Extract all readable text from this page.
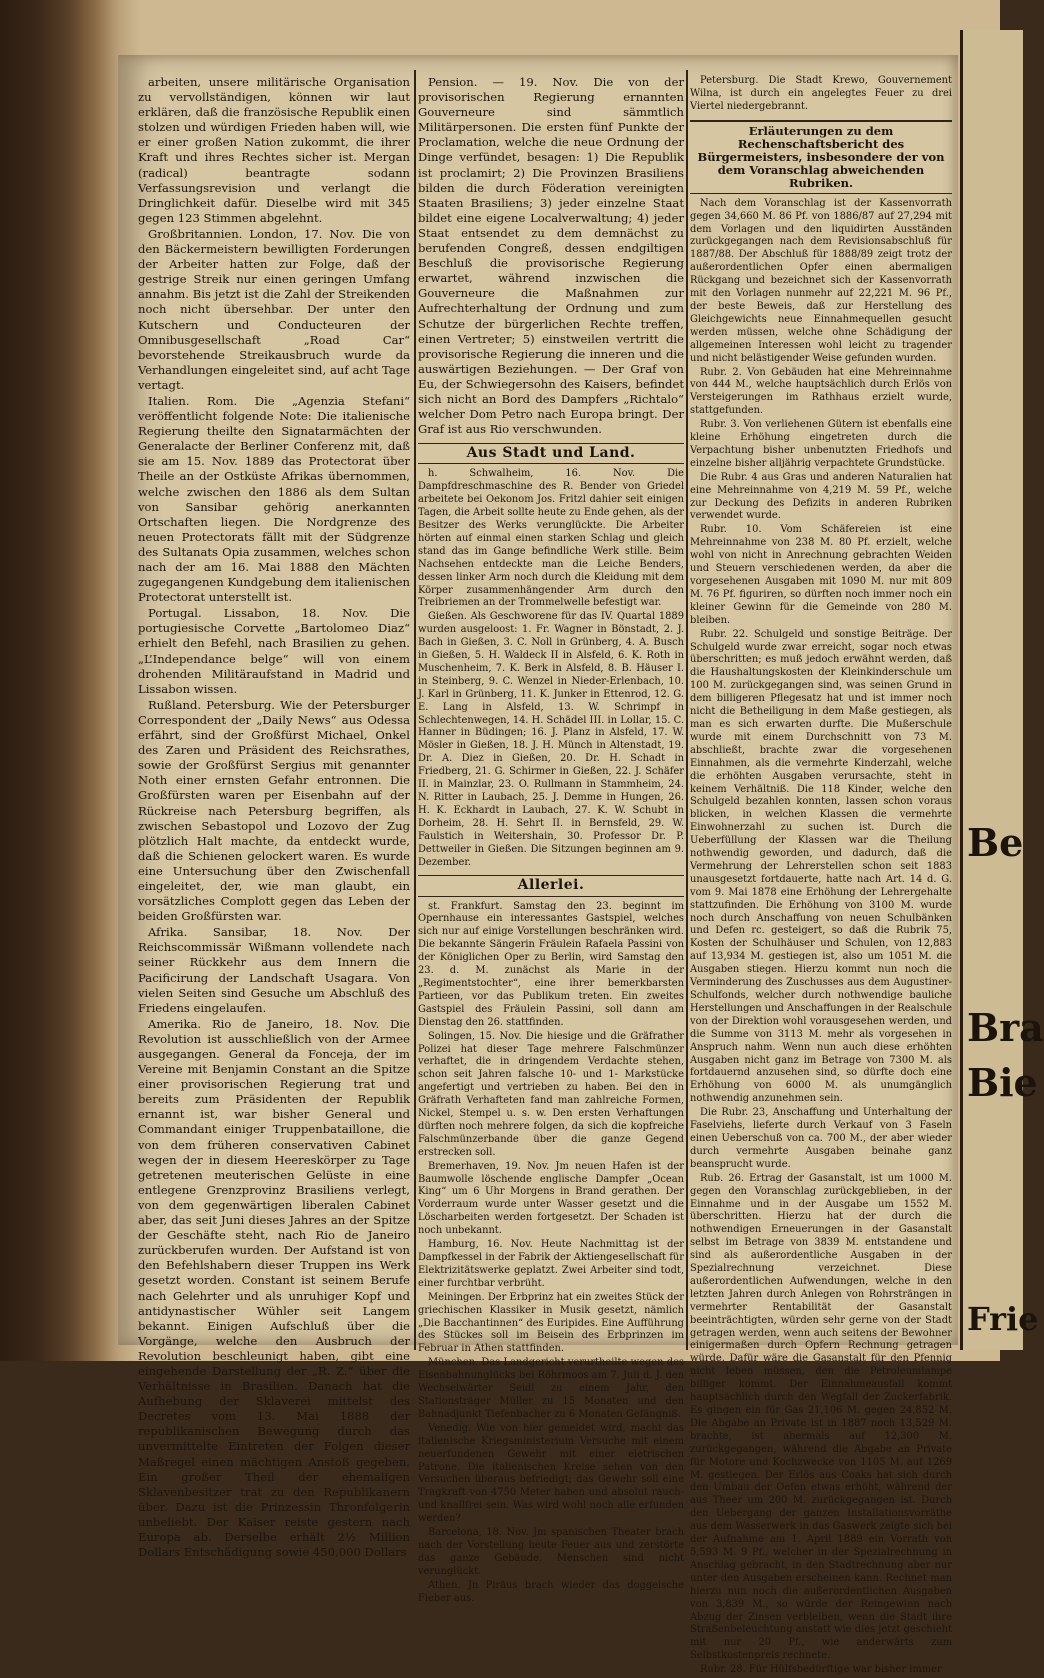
Be
Bra
Bie
Frie

arbeiten, unsere militärische Organisation zu vervollständigen, können wir laut erklären, daß die französische Republik einen stolzen und würdigen Frieden haben will, wie er einer großen Nation zukommt, die ihrer Kraft und ihres Rechtes sicher ist. Mergan (radical) beantragte sodann Verfassungsrevision und verlangt die Dringlichkeit dafür. Dieselbe wird mit 345 gegen 123 Stimmen abgelehnt.

Großbritannien. London, 17. Nov. Die von den Bäckermeistern bewilligten Forderungen der Arbeiter hatten zur Folge, daß der gestrige Streik nur einen geringen Umfang annahm. Bis jetzt ist die Zahl der Streikenden noch nicht übersehbar. Der unter den Kutschern und Conducteuren der Omnibusgesellschaft „Road Car“ bevorstehende Streikausbruch wurde da Verhandlungen eingeleitet sind, auf acht Tage vertagt.

Italien. Rom. Die „Agenzia Stefani“ veröffentlicht folgende Note: Die italienische Regierung theilte den Signatarmächten der Generalacte der Berliner Conferenz mit, daß sie am 15. Nov. 1889 das Protectorat über Theile an der Ostküste Afrikas übernommen, welche zwischen den 1886 als dem Sultan von Sansibar gehörig anerkannten Ortschaften liegen. Die Nordgrenze des neuen Protectorats fällt mit der Südgrenze des Sultanats Opia zusammen, welches schon nach der am 16. Mai 1888 den Mächten zugegangenen Kundgebung dem italienischen Protectorat unterstellt ist.

Portugal. Lissabon, 18. Nov. Die portugiesische Corvette „Bartolomeo Diaz“ erhielt den Befehl, nach Brasilien zu gehen. „L’Independance belge“ will von einem drohenden Militäraufstand in Madrid und Lissabon wissen.

Rußland. Petersburg. Wie der Petersburger Correspondent der „Daily News“ aus Odessa erfährt, sind der Großfürst Michael, Onkel des Zaren und Präsident des Reichsrathes, sowie der Großfürst Sergius mit genannter Noth einer ernsten Gefahr entronnen. Die Großfürsten waren per Eisenbahn auf der Rückreise nach Petersburg begriffen, als zwischen Sebastopol und Lozovo der Zug plötzlich Halt machte, da entdeckt wurde, daß die Schienen gelockert waren. Es wurde eine Untersuchung über den Zwischenfall eingeleitet, der, wie man glaubt, ein vorsätzliches Complott gegen das Leben der beiden Großfürsten war.

Afrika. Sansibar, 18. Nov. Der Reichscommissär Wißmann vollendete nach seiner Rückkehr aus dem Innern die Pacificirung der Landschaft Usagara. Von vielen Seiten sind Gesuche um Abschluß des Friedens eingelaufen.

Amerika. Rio de Janeiro, 18. Nov. Die Revolution ist ausschließlich von der Armee ausgegangen. General da Fonceja, der im Vereine mit Benjamin Constant an die Spitze einer provisorischen Regierung trat und bereits zum Präsidenten der Republik ernannt ist, war bisher General und Commandant einiger Truppenbataillone, die von dem früheren conservativen Cabinet wegen der in diesem Heereskörper zu Tage getretenen meuterischen Gelüste in eine entlegene Grenzprovinz Brasiliens verlegt, von dem gegenwärtigen liberalen Cabinet aber, das seit Juni dieses Jahres an der Spitze der Geschäfte steht, nach Rio de Janeiro zurückberufen wurden. Der Aufstand ist von den Befehlshabern dieser Truppen ins Werk gesetzt worden. Constant ist seinem Berufe nach Gelehrter und als unruhiger Kopf und antidynastischer Wühler seit Langem bekannt. Einigen Aufschluß über die Vorgänge, welche den Ausbruch der Revolution beschleunigt haben, gibt eine eingehende Darstellung der „R. Z.“ über die Verhältnisse in Brasilien. Danach hat die Aufhebung der Sklaverei mittelst des Decretes vom 13. Mai 1888 der republikanischen Bewegung durch das unvermittelte Eintreten der Folgen dieser Maßregel einen mächtigen Anstoß gegeben. Ein großer Theil der ehemaligen Sklavenbesitzer trat zu den Republikanern über. Dazu ist die Prinzessin Thronfolgerin unbeliebt. Der Kaiser reiste gestern nach Europa ab. Derselbe erhält 2½ Million Dollars Entschädigung sowie 450,000 Dollars

Pension. — 19. Nov. Die von der provisorischen Regierung ernannten Gouverneure sind sämmtlich Militärpersonen. Die ersten fünf Punkte der Proclamation, welche die neue Ordnung der Dinge verfündet, besagen: 1) Die Republik ist proclamirt; 2) Die Provinzen Brasiliens bilden die durch Föderation vereinigten Staaten Brasiliens; 3) jeder einzelne Staat bildet eine eigene Localverwaltung; 4) jeder Staat entsendet zu dem demnächst zu berufenden Congreß, dessen endgiltigen Beschluß die provisorische Regierung erwartet, während inzwischen die Gouverneure die Maßnahmen zur Aufrechterhaltung der Ordnung und zum Schutze der bürgerlichen Rechte treffen, einen Vertreter; 5) einstweilen vertritt die provisorische Regierung die inneren und die auswärtigen Beziehungen. — Der Graf von Eu, der Schwiegersohn des Kaisers, befindet sich nicht an Bord des Dampfers „Richtalo“ welcher Dom Petro nach Europa bringt. Der Graf ist aus Rio verschwunden.

Aus Stadt und Land.

h. Schwalheim, 16. Nov. Die Dampfdreschmaschine des R. Bender von Griedel arbeitete bei Oekonom Jos. Fritzl dahier seit einigen Tagen, die Arbeit sollte heute zu Ende gehen, als der Besitzer des Werks verunglückte. Die Arbeiter hörten auf einmal einen starken Schlag und gleich stand das im Gange befindliche Werk stille. Beim Nachsehen entdeckte man die Leiche Benders, dessen linker Arm noch durch die Kleidung mit dem Körper zusammenhängender Arm durch den Treibriemen an der Trommelwelle befestigt war.

Gießen. Als Geschworene für das IV. Quartal 1889 wurden ausgeloost: 1. Fr. Wagner in Bönstadt, 2. J. Bach in Gießen, 3. C. Noll in Grünberg, 4. A. Busch in Gießen, 5. H. Waldeck II in Alsfeld, 6. K. Roth in Muschenheim, 7. K. Berk in Alsfeld, 8. B. Häuser I. in Steinberg, 9. C. Wenzel in Nieder-Erlenbach, 10. J. Karl in Grünberg, 11. K. Junker in Ettenrod, 12. G. E. Lang in Alsfeld, 13. W. Schrimpf in Schlechtenwegen, 14. H. Schädel III. in Lollar, 15. C. Hanner in Büdingen; 16. J. Planz in Alsfeld, 17. W. Mösler in Gießen, 18. J. H. Münch in Altenstadt, 19. Dr. A. Diez in Gießen, 20. Dr. H. Schadt in Friedberg, 21. G. Schirmer in Gießen, 22. J. Schäfer II. in Mainzlar, 23. O. Rullmann in Stammheim, 24. N. Ritter in Laubach, 25. J. Demme in Hungen, 26. H. K. Eckhardt in Laubach, 27. K. W. Schubt in Dorheim, 28. H. Sehrt II. in Bernsfeld, 29. W. Faulstich in Weitershain, 30. Professor Dr. P. Dettweiler in Gießen. Die Sitzungen beginnen am 9. Dezember.

Allerlei.

st. Frankfurt. Samstag den 23. beginnt im Opernhause ein interessantes Gastspiel, welches sich nur auf einige Vorstellungen beschränken wird. Die bekannte Sängerin Fräulein Rafaela Passini von der Königlichen Oper zu Berlin, wird Samstag den 23. d. M. zunächst als Marie in der „Regimentstochter“, eine ihrer bemerkbarsten Partieen, vor das Publikum treten. Ein zweites Gastspiel des Fräulein Passini, soll dann am Dienstag den 26. stattfinden.

Solingen, 15. Nov. Die hiesige und die Gräfrather Polizei hat dieser Tage mehrere Falschmünzer verhaftet, die in dringendem Verdachte stehen, schon seit Jahren falsche 10- und 1- Markstücke angefertigt und vertrieben zu haben. Bei den in Gräfrath Verhafteten fand man zahlreiche Formen, Nickel, Stempel u. s. w. Den ersten Verhaftungen dürften noch mehrere folgen, da sich die kopfreiche Falschmünzerbande über die ganze Gegend erstrecken soll.

Bremerhaven, 19. Nov. Jm neuen Hafen ist der Baumwolle löschende englische Dampfer „Ocean King“ um 6 Uhr Morgens in Brand gerathen. Der Vorderraum wurde unter Wasser gesetzt und die Löscharbeiten werden fortgesetzt. Der Schaden ist noch unbekannt.

Hamburg, 16. Nov. Heute Nachmittag ist der Dampfkessel in der Fabrik der Aktiengesellschaft für Elektrizitätswerke geplatzt. Zwei Arbeiter sind todt, einer furchtbar verbrüht.

Meiningen. Der Erbprinz hat ein zweites Stück der griechischen Klassiker in Musik gesetzt, nämlich „Die Bacchantinnen“ des Euripides. Eine Aufführung des Stückes soll im Beisein des Erbprinzen im Februar in Athen stattfinden.

München. Das Landgericht verurtheilte wegen des Eisenbahnunglücks bei Röhrmoos am 7. Juli d. J. den Wechselwärter Seidl zu einem Jahr, den Stationsträger Müller zu 15 Monaten und den Bahnadjunkt Tiefenbacher zu 6 Monaten Gefängniß.

Venedig. Wie von hier gemeldet wird, macht das italienische Kriegsministerium Versuche mit einem neuerfundenen Gewehr mit einer eletrischen Patrone. Die italienischen Kreise sehen von den Versuchen überaus befriedigt; das Gewehr soll eine Tragkraft von 4750 Meter haben und absolut rauch- und knallfrei sein. Was wird wohl noch alle erfunden werden?

Barcelona, 18. Nov. Jm spanischen Theater brach nach der Vorstellung heute Feuer aus und zerstörte das ganze Gebäude. Menschen sind nicht verunglückt.

Athen. Jn Piräus brach wieder das doggeische Fieber aus.

Petersburg. Die Stadt Krewo, Gouvernement Wilna, ist durch ein angelegtes Feuer zu drei Viertel niedergebrannt.

Erläuterungen zu dem Rechenschaftsbericht des Bürgermeisters, insbesondere der von dem Voranschlag abweichenden Rubriken.

Nach dem Voranschlag ist der Kassenvorrath gegen 34,660 M. 86 Pf. von 1886/87 auf 27,294 mit dem Vorlagen und den liquidirten Ausständen zurückgegangen nach dem Revisionsabschluß für 1887/88. Der Abschluß für 1888/89 zeigt trotz der außerordentlichen Opfer einen abermaligen Rückgang und bezeichnet sich der Kassenvorrath mit den Vorlagen nunmehr auf 22,221 M. 96 Pf., der beste Beweis, daß zur Herstellung des Gleichgewichts neue Einnahmequellen gesucht werden müssen, welche ohne Schädigung der allgemeinen Interessen wohl leicht zu tragender und nicht belästigender Weise gefunden wurden.

Rubr. 2. Von Gebäuden hat eine Mehreinnahme von 444 M., welche hauptsächlich durch Erlös von Versteigerungen im Rathhaus erzielt wurde, stattgefunden.

Rubr. 3. Von verliehenen Gütern ist ebenfalls eine kleine Erhöhung eingetreten durch die Verpachtung bisher unbenutzten Friedhofs und einzelne bisher alljährig verpachtete Grundstücke.

Die Rubr. 4 aus Gras und anderen Naturalien hat eine Mehreinnahme von 4,219 M. 59 Pf., welche zur Deckung des Defizits in anderen Rubriken verwendet wurde.

Rubr. 10. Vom Schäfereien ist eine Mehreinnahme von 238 M. 80 Pf. erzielt, welche wohl von nicht in Anrechnung gebrachten Weiden und Steuern verschiedenen werden, da aber die vorgesehenen Ausgaben mit 1090 M. nur mit 809 M. 76 Pf. figuriren, so dürften noch immer noch ein kleiner Gewinn für die Gemeinde von 280 M. bleiben.

Rubr. 22. Schulgeld und sonstige Beiträge. Der Schulgeld wurde zwar erreicht, sogar noch etwas überschritten; es muß jedoch erwähnt werden, daß die Haushaltungskosten der Kleinkinderschule um 100 M. zurückgegangen sind, was seinen Grund in dem billigeren Pflegesatz hat und ist immer noch nicht die Betheiligung in dem Maße gestiegen, als man es sich erwarten durfte. Die Mußerschule wurde mit einem Durchschnitt von 73 M. abschließt, brachte zwar die vorgesehenen Einnahmen, als die vermehrte Kinderzahl, welche die erhöhten Ausgaben verursachte, steht in keinem Verhältniß. Die 118 Kinder, welche den Schulgeld bezahlen konnten, lassen schon voraus blicken, in welchen Klassen die vermehrte Einwohnerzahl zu suchen ist. Durch die Ueberfüllung der Klassen war die Theilung nothwendig geworden, und dadurch, daß die Vermehrung der Lehrerstellen schon seit 1883 unausgesetzt fortdauerte, hatte nach Art. 14 d. G. vom 9. Mai 1878 eine Erhöhung der Lehrergehalte stattzufinden. Die Erhöhung von 3100 M. wurde noch durch Anschaffung von neuen Schulbänken und Defen rc. gesteigert, so daß die Rubrik 75, Kosten der Schulhäuser und Schulen, von 12,883 auf 13,934 M. gestiegen ist, also um 1051 M. die Ausgaben stiegen. Hierzu kommt nun noch die Verminderung des Zuschusses aus dem Augustiner-Schulfonds, welcher durch nothwendige bauliche Herstellungen und Anschaffungen in der Realschule von der Direktion wohl vorausgesehen werden, und die Summe von 3113 M. mehr als vorgesehen in Anspruch nahm. Wenn nun auch diese erhöhten Ausgaben nicht ganz im Betrage von 7300 M. als fortdauernd anzusehen sind, so dürfte doch eine Erhöhung von 6000 M. als unumgänglich nothwendig anzunehmen sein.

Die Rubr. 23, Anschaffung und Unterhaltung der Faselviehs, lieferte durch Verkauf von 3 Faseln einen Ueberschuß von ca. 700 M., der aber wieder durch vermehrte Ausgaben beinahe ganz beansprucht wurde.

Rub. 26. Ertrag der Gasanstalt, ist um 1000 M. gegen den Voranschlag zurückgeblieben, in der Einnahme und in der Ausgabe um 1552 M. überschritten. Hierzu hat der durch die nothwendigen Erneuerungen in der Gasanstalt selbst im Betrage von 3839 M. entstandene und sind als außerordentliche Ausgaben in der Spezialrechnung verzeichnet. Diese außerordentlichen Aufwendungen, welche in den letzten Jahren durch Anlegen von Rohrsträngen in vermehrter Rentabilität der Gasanstalt beeinträchtigten, würden sehr gerne von der Stadt getragen werden, wenn auch seitens der Bewohner einigermaßen durch Opfern Rechnung getragen würde. Dafür wäre die Gasanstalt für den Pfennig nicht leben müssen, den die Petroleumlampe billiger kommt. Der Einnahmeausfall kommt hauptsächlich durch den Wegfall der Zuckerfabrik. Es gingen ein für Gas 21,106 M. gegen 24,852 M. Die Abgabe an Private ist in 1887 noch 13,529 M. brachte, ist abermals auf 12,300 M. zurückgegangen, während die Abgabe an Private für Motore und Kochzwecke von 1105 M. auf 1269 M. gestiegen. Der Erlös aus Coaks hat sich durch den Umbau der Oefen etwas erhöht, während der aus Theer um 200 M. zurückgegangen ist. Durch den Uebergang der ganzen Installationsvorräthe aus dem Wasserwerk in das Gaswerk zeigte sich bei der Aufnahme am 1. April 1889 ein Vorrath von 5,593 M. 9 Pf., welcher in der Spezialrechnung in Anschlag gebracht, in den Stadtrechnung aber nur unter den Ausgaben erscheinen kann. Rechnet man hierzu nun noch die außerordentlichen Ausgaben von 3,839 M., so würde der Reingewinn nach Abzug der Zinsen verbleiben, wenn die Stadt ihre Straßenbeleuchtung anstatt wie dies jetzt geschieht mit nur 20 Pf., wie anderwärts zum Selbstkostenpreis rechnete.

Rubr. 28. Für Hülfsbedürftige war bisher immer
